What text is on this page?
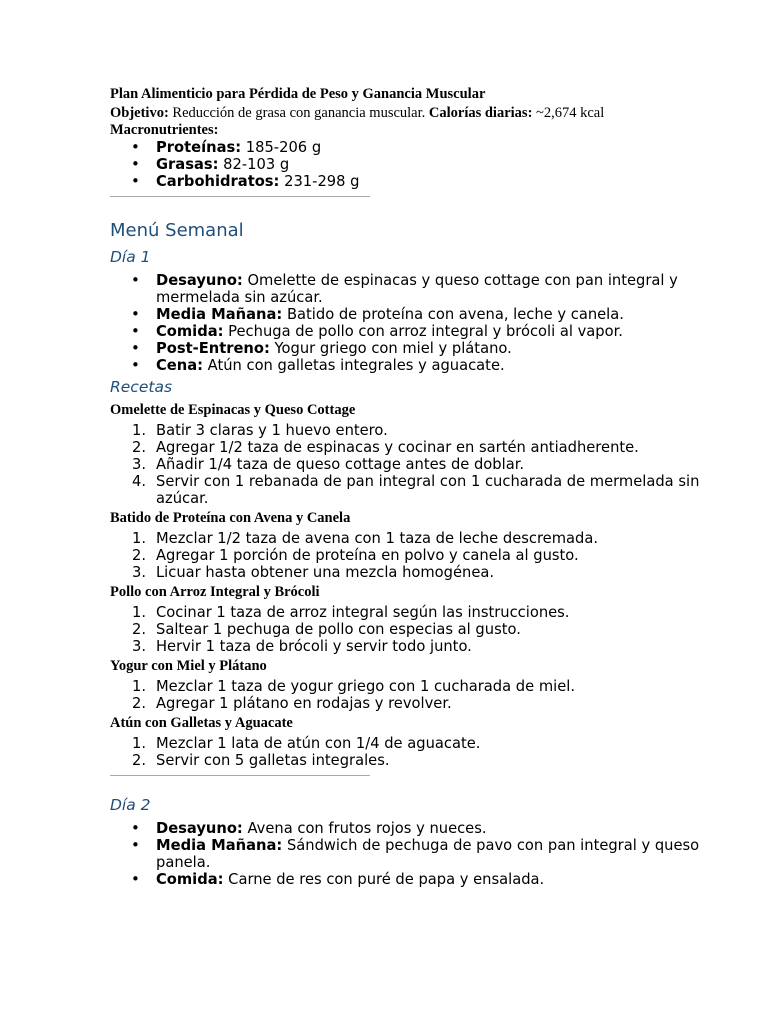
Plan Alimenticio para Pérdida de Peso y Ganancia Muscular

Objetivo: Reducción de grasa con ganancia muscular. Calorías diarias: ~2,674 kcal

Macronutrientes:

• Proteínas: 185-206 g
• Grasas: 82-103 g
• Carbohidratos: 231-298 g

Menú Semanal

Día 1

• Desayuno: Omelette de espinacas y queso cottage con pan integral y mermelada sin azúcar.
• Media Mañana: Batido de proteína con avena, leche y canela.
• Comida: Pechuga de pollo con arroz integral y brócoli al vapor.
• Post-Entreno: Yogur griego con miel y plátano.
• Cena: Atún con galletas integrales y aguacate.

Recetas

Omelette de Espinacas y Queso Cottage

1. Batir 3 claras y 1 huevo entero.
2. Agregar 1/2 taza de espinacas y cocinar en sartén antiadherente.
3. Añadir 1/4 taza de queso cottage antes de doblar.
4. Servir con 1 rebanada de pan integral con 1 cucharada de mermelada sin azúcar.

Batido de Proteína con Avena y Canela

1. Mezclar 1/2 taza de avena con 1 taza de leche descremada.
2. Agregar 1 porción de proteína en polvo y canela al gusto.
3. Licuar hasta obtener una mezcla homogénea.

Pollo con Arroz Integral y Brócoli

1. Cocinar 1 taza de arroz integral según las instrucciones.
2. Saltear 1 pechuga de pollo con especias al gusto.
3. Hervir 1 taza de brócoli y servir todo junto.

Yogur con Miel y Plátano

1. Mezclar 1 taza de yogur griego con 1 cucharada de miel.
2. Agregar 1 plátano en rodajas y revolver.

Atún con Galletas y Aguacate

1. Mezclar 1 lata de atún con 1/4 de aguacate.
2. Servir con 5 galletas integrales.

Día 2

• Desayuno: Avena con frutos rojos y nueces.
• Media Mañana: Sándwich de pechuga de pavo con pan integral y queso panela.
• Comida: Carne de res con puré de papa y ensalada.
